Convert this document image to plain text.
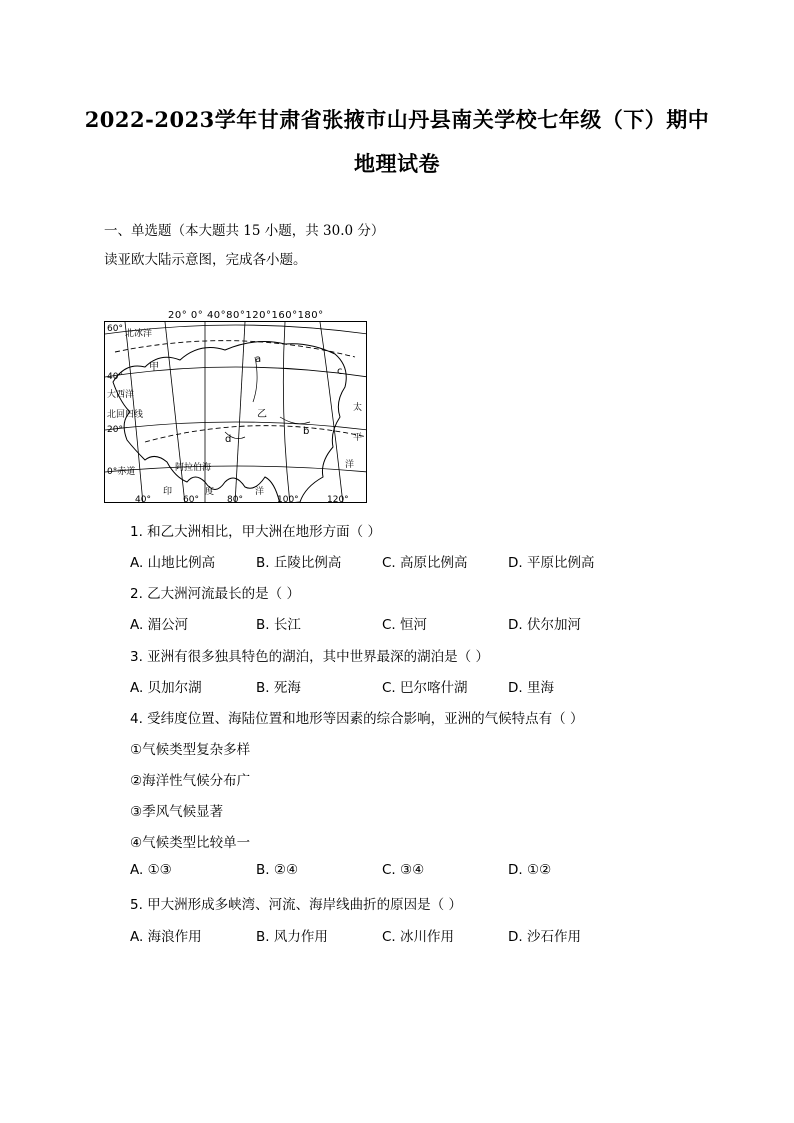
2022-2023学年甘肃省张掖市山丹县南关学校七年级（下）期中
地理试卷
一、单选题（本大题共 15 小题，共 30.0 分）
读亚欧大陆示意图，完成各小题。
20° 0° 40°80°120°160°180°
60°
40°
20°
0°赤道
北回归线
北冰洋
大西洋
甲
乙
a
b
c
d
阿拉伯海
印	度	洋
太
平
洋
40°	60°	80°	100°	120°
1. 和乙大洲相比，甲大洲在地形方面（ ）
A. 山地比例高	B. 丘陵比例高	C. 高原比例高	D. 平原比例高
2. 乙大洲河流最长的是（ ）
A. 湄公河	B. 长江	C. 恒河	D. 伏尔加河
3. 亚洲有很多独具特色的湖泊，其中世界最深的湖泊是（ ）
A. 贝加尔湖	B. 死海	C. 巴尔喀什湖	D. 里海
4. 受纬度位置、海陆位置和地形等因素的综合影响，亚洲的气候特点有（ ）
①气候类型复杂多样
②海洋性气候分布广
③季风气候显著
④气候类型比较单一
A. ①③	B. ②④	C. ③④	D. ①②
5. 甲大洲形成多峡湾、河流、海岸线曲折的原因是（ ）
A. 海浪作用	B. 风力作用	C. 冰川作用	D. 沙石作用
